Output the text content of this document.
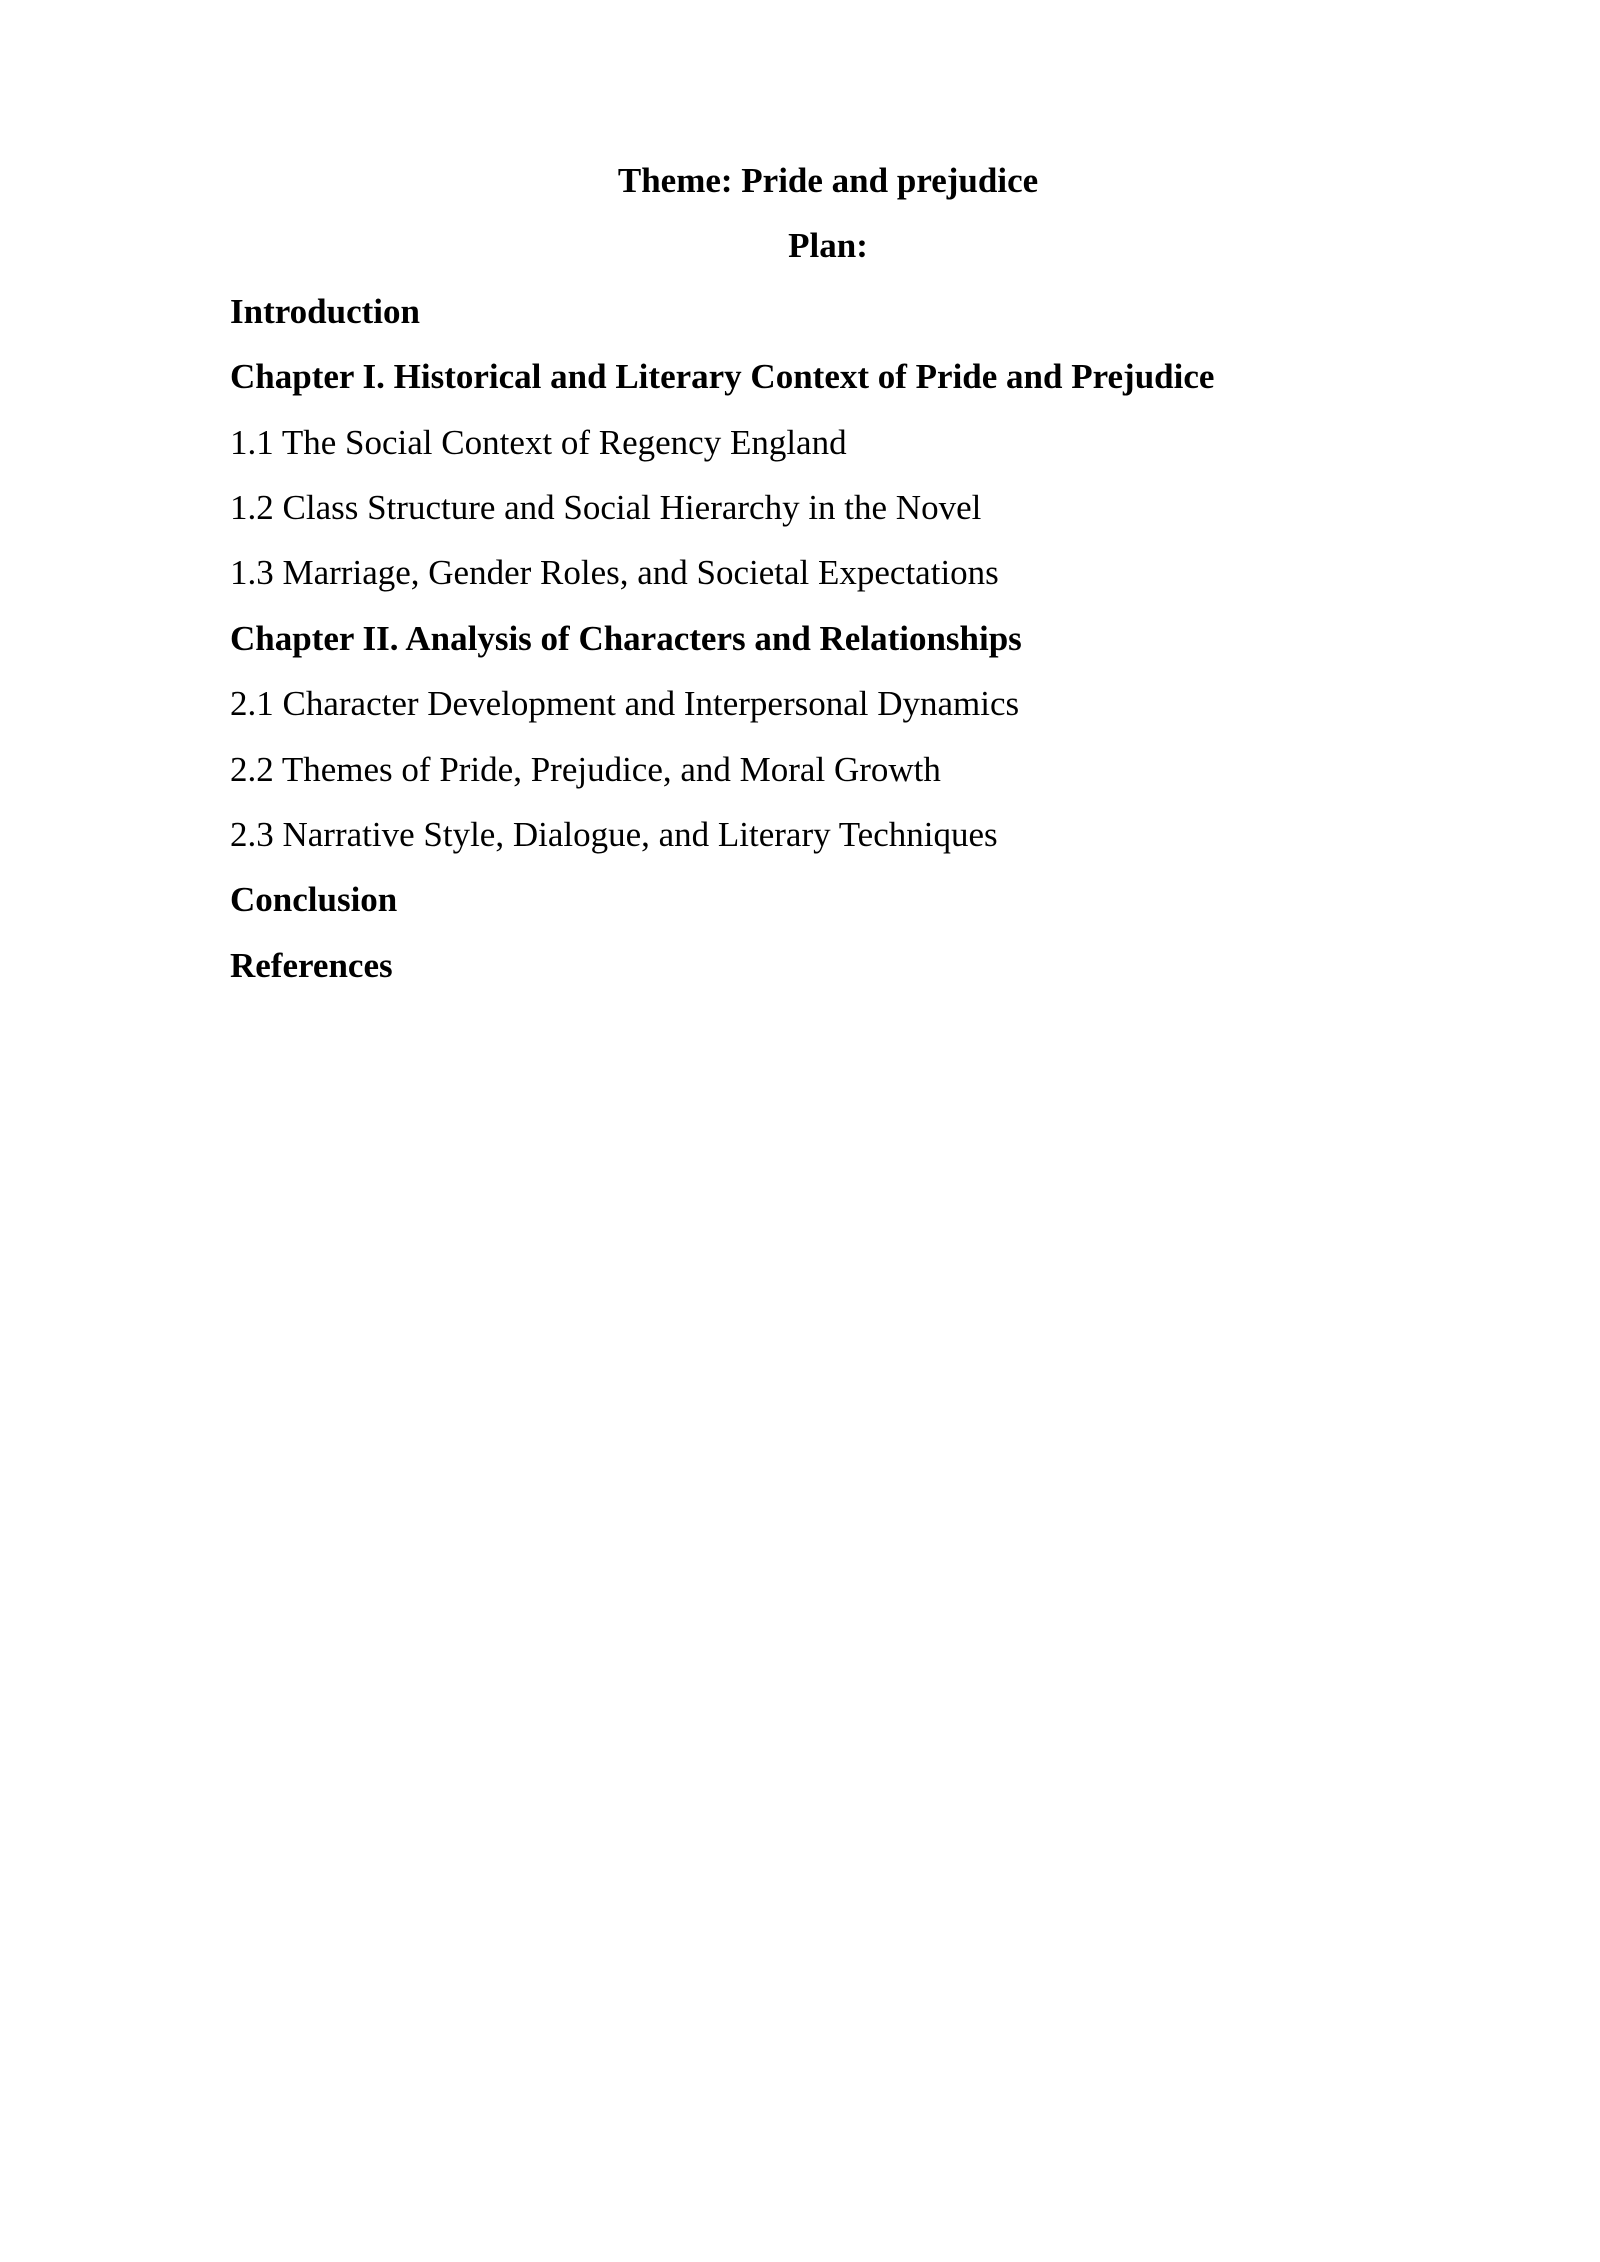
Theme: Pride and prejudice

Plan:

Introduction

Chapter I. Historical and Literary Context of Pride and Prejudice

1.1 The Social Context of Regency England

1.2 Class Structure and Social Hierarchy in the Novel

1.3 Marriage, Gender Roles, and Societal Expectations

Chapter II. Analysis of Characters and Relationships

2.1 Character Development and Interpersonal Dynamics

2.2 Themes of Pride, Prejudice, and Moral Growth

2.3 Narrative Style, Dialogue, and Literary Techniques

Conclusion

References
